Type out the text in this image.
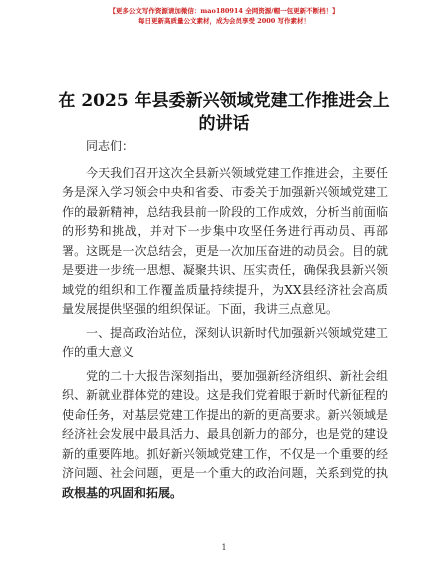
【更多公文写作资源请加微信：mao180914 全网资源/帽一包更新不断档！】
每日更新高质量公文素材，成为会员享受 2000 写作素材！
在 2025 年县委新兴领域党建工作推进会上的讲话

同志们：

今天我们召开这次全县新兴领域党建工作推进会，主要任务是深入学习领会中央和省委、市委关于加强新兴领域党建工作的最新精神，总结我县前一阶段的工作成效，分析当前面临的形势和挑战，并对下一步集中攻坚任务进行再动员、再部署。这既是一次总结会，更是一次加压奋进的动员会。目的就是要进一步统一思想、凝聚共识、压实责任，确保我县新兴领域党的组织和工作覆盖质量持续提升，为XX县经济社会高质量发展提供坚强的组织保证。下面，我讲三点意见。

一、提高政治站位，深刻认识新时代加强新兴领域党建工作的重大意义

党的二十大报告深刻指出，要加强新经济组织、新社会组织、新就业群体党的建设。这是我们党着眼于新时代新征程的使命任务，对基层党建工作提出的新的更高要求。新兴领域是经济社会发展中最具活力、最具创新力的部分，也是党的建设新的重要阵地。抓好新兴领域党建工作，不仅是一个重要的经济问题、社会问题，更是一个重大的政治问题，关系到党的执政根基的巩固和拓展。

1
